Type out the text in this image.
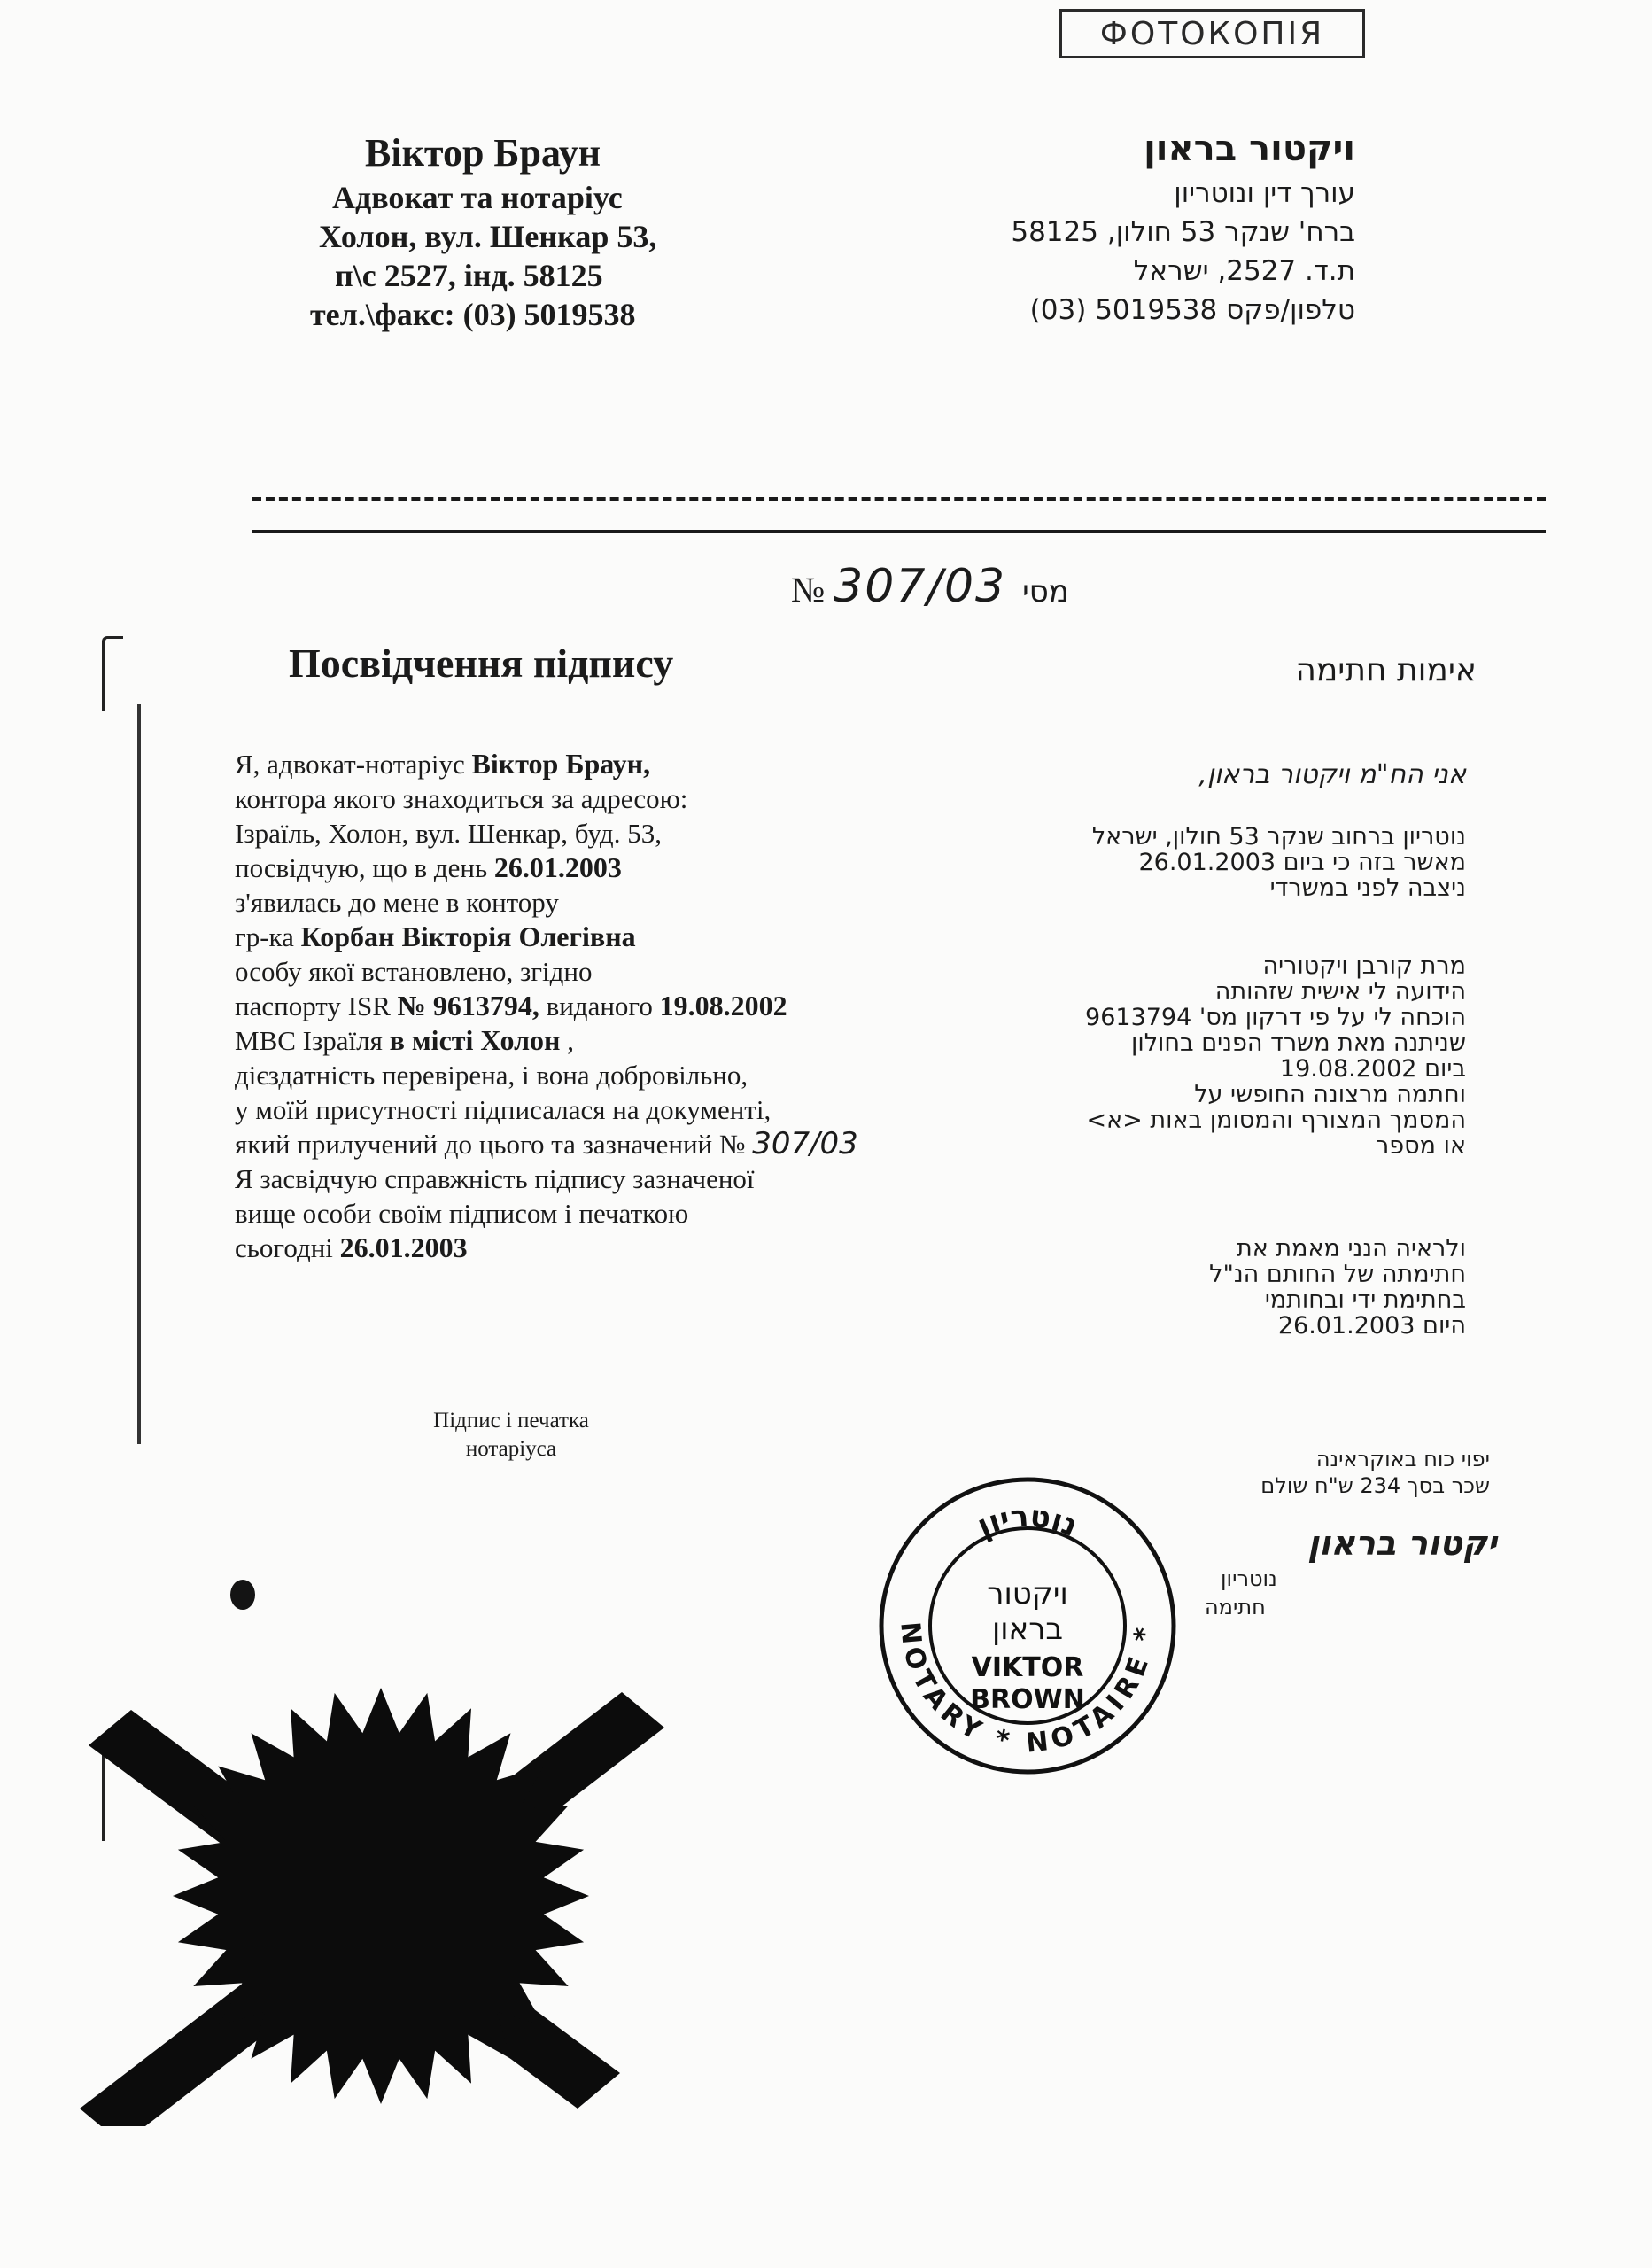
ФОТОКОПІЯ
Віктор Браун
Адвокат та нотаріус
Холон, вул. Шенкар 53,
п\с 2527, інд. 58125
тел.\факс: (03) 5019538
ויקטור בראון
עורך דין ונוטריון
ברח' שנקר 53 חולון, 58125
ת.ד. 2527, ישראל
טלפון/פקס 5019538 (03)
№ 307/03 מסי
Посвідчення підпису	אימות חתימה
Я, адвокат-нотаріус Віктор Браун,
контора якого знаходиться за адресою:
Ізраїль, Холон, вул. Шенкар, буд. 53,
посвідчую, що в день 26.01.2003
з'явилась до мене в контору
гр-ка Корбан Вікторія Олегівна
особу якої встановлено, згідно
паспорту ISR № 9613794, виданого 19.08.2002
МВС Ізраїля в місті Холон ,
дієздатність перевірена, і вона добровільно,
у моїй присутності підписалася на документі,
який прилучений до цього та зазначений № 307/03
Я засвідчую справжність підпису зазначеної
вище особи своїм підписом і печаткою
сьогодні 26.01.2003
אני הח"מ ויקטור בראון,
נוטריון ברחוב שנקר 53 חולון, ישראל
מאשר בזה כי ביום 26.01.2003
ניצבה לפני במשרדי
מרת קורבן ויקטוריה
הידועה לי אישית שזהותה
הוכחה לי על פי דרקון מס' 9613794
שניתנה מאת משרד הפנים בחולון
ביום 19.08.2002
וחתמה מרצונה החופשי על
המסמך המצורף והמסומן באות <א>
או מספר
ולראיה הנני מאמת את
חתימתה של החותם הנ"ל
בחתימת ידי ובחותמי
היום 26.01.2003
Підпис і печатка
нотаріуса	יפוי כוח באוקראינה
שכר בסך 234 ש"ח שולם
נוטריון
NOTARY * NOTAIRE *
ויקטור
בראון
VIKTOR
BROWN
יקטור בראון
נוטריון
חתימה
